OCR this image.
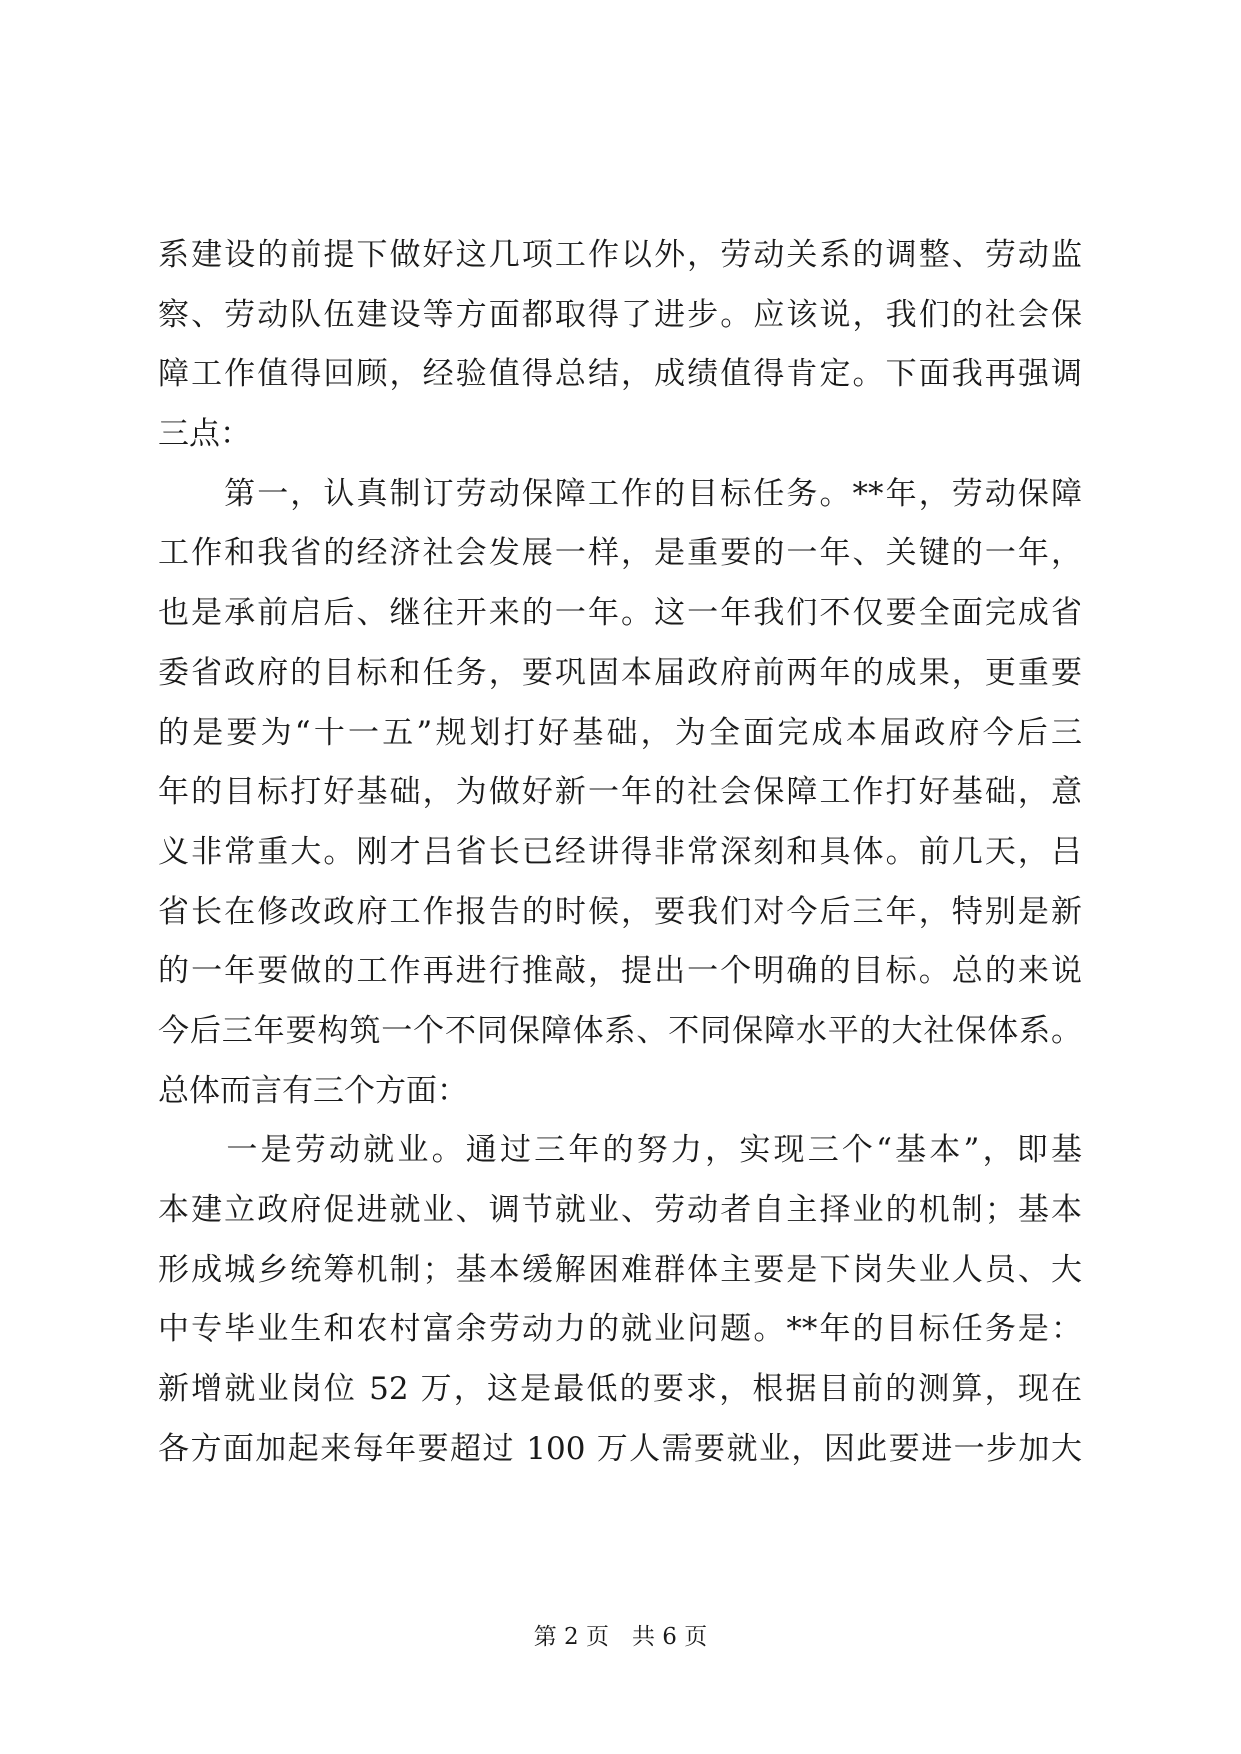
系建设的前提下做好这几项工作以外，劳动关系的调整、劳动监
察、劳动队伍建设等方面都取得了进步。应该说，我们的社会保
障工作值得回顾，经验值得总结，成绩值得肯定。下面我再强调
三点：
　　第一，认真制订劳动保障工作的目标任务。**年，劳动保障
工作和我省的经济社会发展一样，是重要的一年、关键的一年，
也是承前启后、继往开来的一年。这一年我们不仅要全面完成省
委省政府的目标和任务，要巩固本届政府前两年的成果，更重要
的是要为“十一五”规划打好基础，为全面完成本届政府今后三
年的目标打好基础，为做好新一年的社会保障工作打好基础，意
义非常重大。刚才吕省长已经讲得非常深刻和具体。前几天，吕
省长在修改政府工作报告的时候，要我们对今后三年，特别是新
的一年要做的工作再进行推敲，提出一个明确的目标。总的来说
今后三年要构筑一个不同保障体系、不同保障水平的大社保体系。
总体而言有三个方面：
　　一是劳动就业。通过三年的努力，实现三个“基本”，即基
本建立政府促进就业、调节就业、劳动者自主择业的机制；基本
形成城乡统筹机制；基本缓解困难群体主要是下岗失业人员、大
中专毕业生和农村富余劳动力的就业问题。**年的目标任务是：
新增就业岗位 52 万，这是最低的要求，根据目前的测算，现在
各方面加起来每年要超过 100 万人需要就业，因此要进一步加大
第 2 页　共 6 页
